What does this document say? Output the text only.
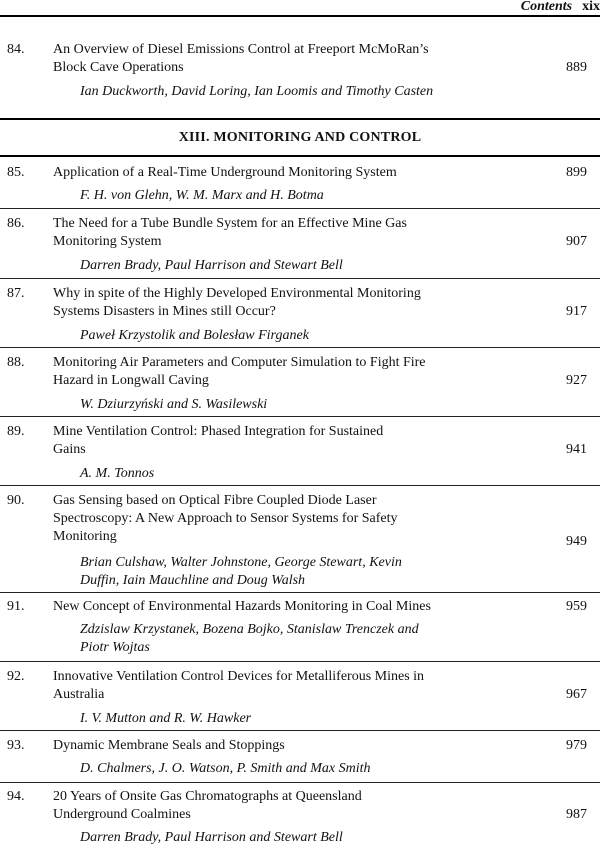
Contents xix
84. An Overview of Diesel Emissions Control at Freeport McMoRan’s
Block Cave Operations	889
Ian Duckworth, David Loring, Ian Loomis and Timothy Casten
XIII. MONITORING AND CONTROL
85. Application of a Real-Time Underground Monitoring System	899
F. H. von Glehn, W. M. Marx and H. Botma
86. The Need for a Tube Bundle System for an Effective Mine Gas
Monitoring System	907
Darren Brady, Paul Harrison and Stewart Bell
87. Why in spite of the Highly Developed Environmental Monitoring
Systems Disasters in Mines still Occur?	917
Paweł Krzystolik and Bolesław Firganek
88. Monitoring Air Parameters and Computer Simulation to Fight Fire
Hazard in Longwall Caving	927
W. Dziurzyński and S. Wasilewski
89. Mine Ventilation Control: Phased Integration for Sustained
Gains	941
A. M. Tonnos
90. Gas Sensing based on Optical Fibre Coupled Diode Laser
Spectroscopy: A New Approach to Sensor Systems for Safety
Monitoring	949
Brian Culshaw, Walter Johnstone, George Stewart, Kevin
Duffin, Iain Mauchline and Doug Walsh
91. New Concept of Environmental Hazards Monitoring in Coal Mines	959
Zdzislaw Krzystanek, Bozena Bojko, Stanislaw Trenczek and
Piotr Wojtas
92. Innovative Ventilation Control Devices for Metalliferous Mines in
Australia	967
I. V. Mutton and R. W. Hawker
93. Dynamic Membrane Seals and Stoppings	979
D. Chalmers, J. O. Watson, P. Smith and Max Smith
94. 20 Years of Onsite Gas Chromatographs at Queensland
Underground Coalmines	987
Darren Brady, Paul Harrison and Stewart Bell
